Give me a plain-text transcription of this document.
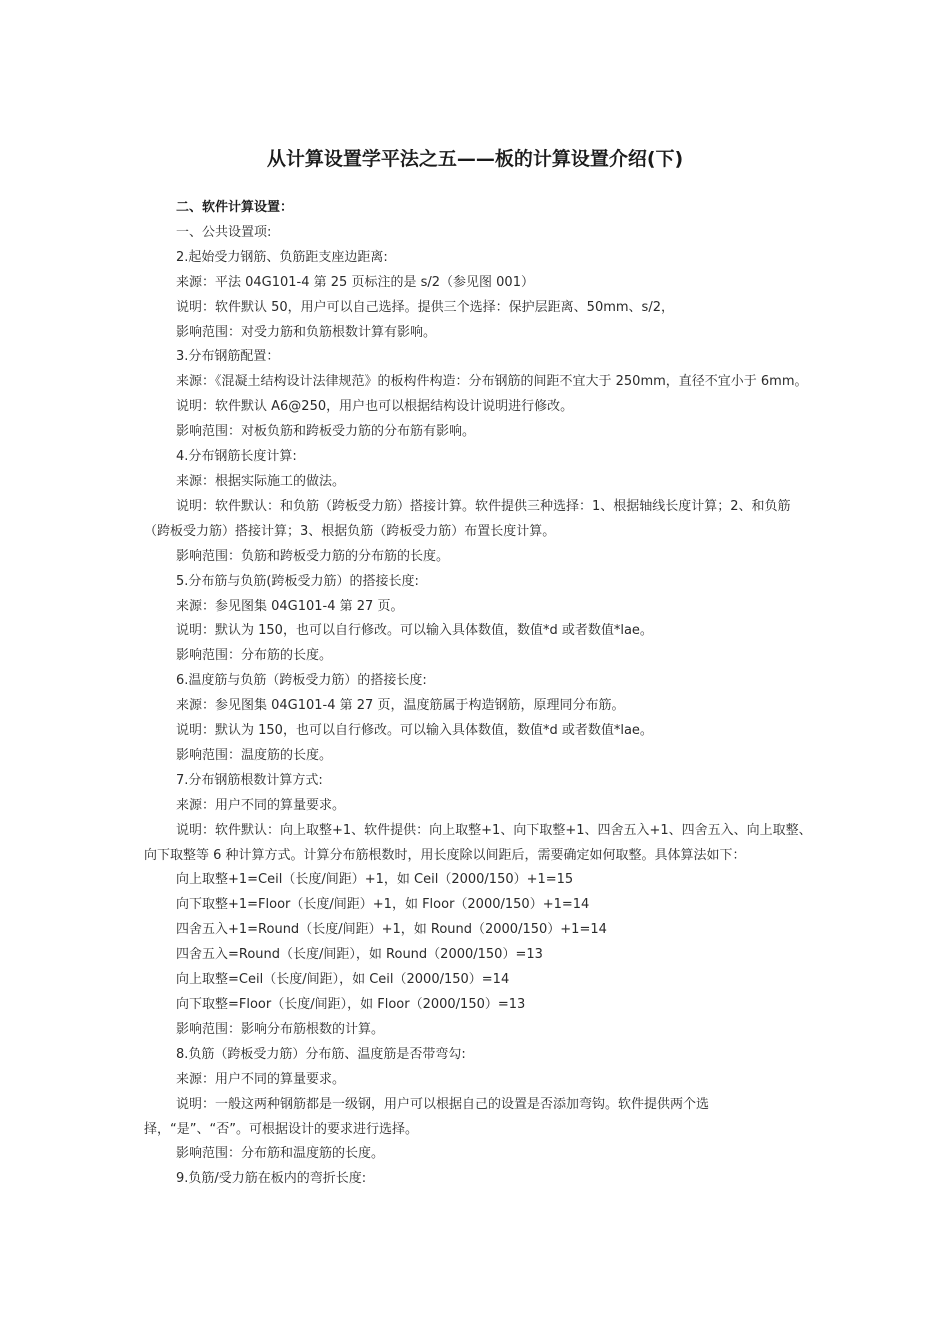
从计算设置学平法之五——板的计算设置介绍(下)

二、软件计算设置：

一、公共设置项:

2.起始受力钢筋、负筋距支座边距离:

来源：平法 04G101-4 第 25 页标注的是 s/2（参见图 001）

说明：软件默认 50，用户可以自己选择。提供三个选择：保护层距离、50mm、s/2，

影响范围：对受力筋和负筋根数计算有影响。

3.分布钢筋配置：

来源：《混凝土结构设计法律规范》的板构件构造：分布钢筋的间距不宜大于 250mm，直径不宜小于 6mm。

说明：软件默认 A6@250，用户也可以根据结构设计说明进行修改。

影响范围：对板负筋和跨板受力筋的分布筋有影响。

4.分布钢筋长度计算:

来源：根据实际施工的做法。

说明：软件默认：和负筋（跨板受力筋）搭接计算。软件提供三种选择：1、根据轴线长度计算；2、和负筋（跨板受力筋）搭接计算；3、根据负筋（跨板受力筋）布置长度计算。

影响范围：负筋和跨板受力筋的分布筋的长度。

5.分布筋与负筋(跨板受力筋）的搭接长度:

来源：参见图集 04G101-4 第 27 页。

说明：默认为 150，也可以自行修改。可以输入具体数值，数值*d 或者数值*lae。

影响范围：分布筋的长度。

6.温度筋与负筋（跨板受力筋）的搭接长度:

来源：参见图集 04G101-4 第 27 页，温度筋属于构造钢筋，原理同分布筋。

说明：默认为 150，也可以自行修改。可以输入具体数值，数值*d 或者数值*lae。

影响范围：温度筋的长度。

7.分布钢筋根数计算方式:

来源：用户不同的算量要求。

说明：软件默认：向上取整+1、软件提供：向上取整+1、向下取整+1、四舍五入+1、四舍五入、向上取整、向下取整等 6 种计算方式。计算分布筋根数时，用长度除以间距后，需要确定如何取整。具体算法如下：

向上取整+1=Ceil（长度/间距）+1，如 Ceil（2000/150）+1=15

向下取整+1=Floor（长度/间距）+1，如 Floor（2000/150）+1=14

四舍五入+1=Round（长度/间距）+1，如 Round（2000/150）+1=14

四舍五入=Round（长度/间距），如 Round（2000/150）=13

向上取整=Ceil（长度/间距），如 Ceil（2000/150）=14

向下取整=Floor（长度/间距），如 Floor（2000/150）=13

影响范围：影响分布筋根数的计算。

8.负筋（跨板受力筋）分布筋、温度筋是否带弯勾:

来源：用户不同的算量要求。

说明：一般这两种钢筋都是一级钢，用户可以根据自己的设置是否添加弯钩。软件提供两个选择，“是”、“否”。可根据设计的要求进行选择。

影响范围：分布筋和温度筋的长度。

9.负筋/受力筋在板内的弯折长度:
